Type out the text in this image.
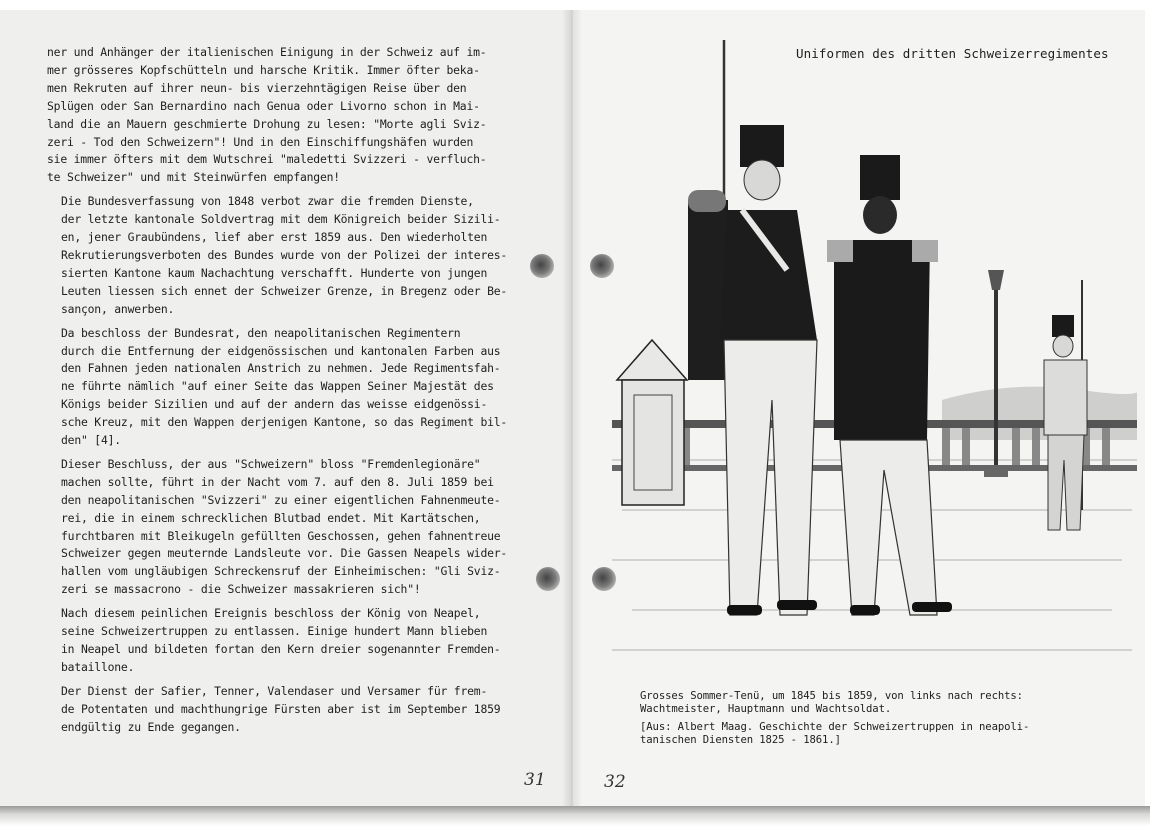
ner und Anhänger der italienischen Einigung in der Schweiz auf im-
mer grösseres Kopfschütteln und harsche Kritik. Immer öfter beka-
men Rekruten auf ihrer neun- bis vierzehntägigen Reise über den
Splügen oder San Bernardino nach Genua oder Livorno schon in Mai-
land die an Mauern geschmierte Drohung zu lesen: "Morte agli Sviz-
zeri - Tod den Schweizern"! Und in den Einschiffungshäfen wurden
sie immer öfters mit dem Wutschrei "maledetti Svizzeri - verfluch-
te Schweizer" und mit Steinwürfen empfangen!

Die Bundesverfassung von 1848 verbot zwar die fremden Dienste,
der letzte kantonale Soldvertrag mit dem Königreich beider Sizili-
en, jener Graubündens, lief aber erst 1859 aus. Den wiederholten
Rekrutierungsverboten des Bundes wurde von der Polizei der interes-
sierten Kantone kaum Nachachtung verschafft. Hunderte von jungen
Leuten liessen sich ennet der Schweizer Grenze, in Bregenz oder Be-
sançon, anwerben.

Da beschloss der Bundesrat, den neapolitanischen Regimentern
durch die Entfernung der eidgenössischen und kantonalen Farben aus
den Fahnen jeden nationalen Anstrich zu nehmen. Jede Regimentsfah-
ne führte nämlich "auf einer Seite das Wappen Seiner Majestät des
Königs beider Sizilien und auf der andern das weisse eidgenössi-
sche Kreuz, mit den Wappen derjenigen Kantone, so das Regiment bil-
den" [4].

Dieser Beschluss, der aus "Schweizern" bloss "Fremdenlegionäre"
machen sollte, führt in der Nacht vom 7. auf den 8. Juli 1859 bei
den neapolitanischen "Svizzeri" zu einer eigentlichen Fahnenmeute-
rei, die in einem schrecklichen Blutbad endet. Mit Kartätschen,
furchtbaren mit Bleikugeln gefüllten Geschossen, gehen fahnentreue
Schweizer gegen meuternde Landsleute vor. Die Gassen Neapels wider-
hallen vom ungläubigen Schreckensruf der Einheimischen: "Gli Sviz-
zeri se massacrono - die Schweizer massakrieren sich"!

Nach diesem peinlichen Ereignis beschloss der König von Neapel,
seine Schweizertruppen zu entlassen. Einige hundert Mann blieben
in Neapel und bildeten fortan den Kern dreier sogenannter Fremden-
bataillone.

Der Dienst der Safier, Tenner, Valendaser und Versamer für frem-
de Potentaten und machthungrige Fürsten aber ist im September 1859
endgültig zu Ende gegangen.

31	32
Uniformen des dritten Schweizerregimentes
Grosses Sommer-Tenü, um 1845 bis 1859, von links nach rechts:
Wachtmeister, Hauptmann und Wachtsoldat.
[Aus: Albert Maag. Geschichte der Schweizertruppen in neapoli-
tanischen Diensten 1825 - 1861.]
